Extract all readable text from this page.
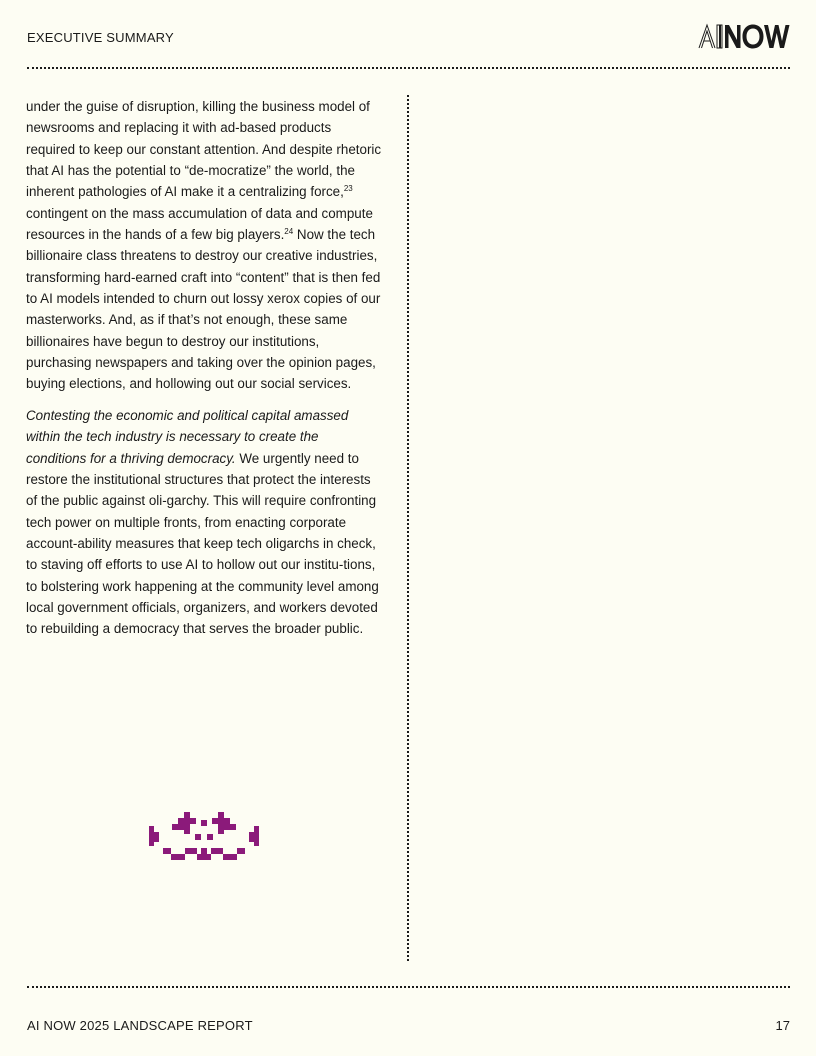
EXECUTIVE SUMMARY

under the guise of disruption, killing the business model of newsrooms and replacing it with ad-based products required to keep our constant attention. And despite rhetoric that AI has the potential to “de-mocratize” the world, the inherent pathologies of AI make it a centralizing force,$^{23}$ contingent on the mass accumulation of data and compute resources in the hands of a few big players.$^{24}$ Now the tech billionaire class threatens to destroy our creative industries, transforming hard-earned craft into “content” that is then fed to AI models intended to churn out lossy xerox copies of our masterworks. And, as if that’s not enough, these same billionaires have begun to destroy our institutions, purchasing newspapers and taking over the opinion pages, buying elections, and hollowing out our social services.

Contesting the economic and political capital amassed within the tech industry is necessary to create the conditions for a thriving democracy. We urgently need to restore the institutional structures that protect the interests of the public against oli-garchy. This will require confronting tech power on multiple fronts, from enacting corporate account-ability measures that keep tech oligarchs in check, to staving off efforts to use AI to hollow out our institu-tions, to bolstering work happening at the community level among local government officials, organizers, and workers devoted to rebuilding a democracy that serves the broader public.

AI NOW 2025 LANDSCAPE REPORT	17
